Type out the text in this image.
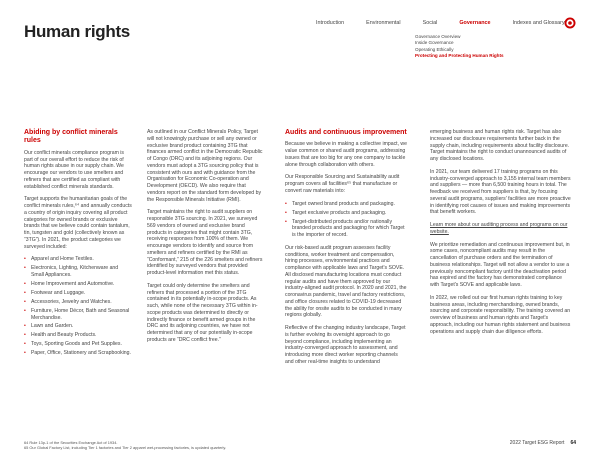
Human rights	Introduction	Environmental	Social	Governance	Indexes and Glossary
Governance Overview
Inside Governance
Operating Ethically
Protecting and Protecting Human Rights
Abiding by conflict minerals rules

Our conflict minerals compliance program is part of our overall effort to reduce the risk of human rights abuse in our supply chain. We encourage our vendors to use smelters and refiners that are certified as compliant with established conflict minerals standards.

Target supports the humanitarian goals of the conflict minerals rules,⁶⁴ and annually conducts a country of origin inquiry covering all product categories for owned brands or exclusive brands that we believe could contain tantalum, tin, tungsten and gold (collectively known as “3TG”). In 2021, the product categories we surveyed included:

• Apparel and Home Textiles.
• Electronics, Lighting, Kitchenware and Small Appliances.
• Home Improvement and Automotive.
• Footwear and Luggage.
• Accessories, Jewelry and Watches.
• Furniture, Home Décor, Bath and Seasonal Merchandise.
• Lawn and Garden.
• Health and Beauty Products.
• Toys, Sporting Goods and Pet Supplies.
• Paper, Office, Stationery and Scrapbooking.

As outlined in our Conflict Minerals Policy, Target will not knowingly purchase or sell any owned or exclusive brand product containing 3TG that finances armed conflict in the Democratic Republic of Congo (DRC) and its adjoining regions. Our vendors must adopt a 3TG sourcing policy that is consistent with ours and with guidance from the Organisation for Economic Co-operation and Development (OECD). We also require that vendors report on the standard form developed by the Responsible Minerals Initiative (RMI).

Target maintains the right to audit suppliers on responsible 3TG sourcing. In 2021, we surveyed 569 vendors of owned and exclusive brand products in categories that might contain 3TG, receiving responses from 100% of them. We encourage vendors to identify and source from smelters and refiners certified by the RMI as “Conformant,” 215 of the 226 smelters and refiners identified by surveyed vendors that provided product-level information met this status.

Target could only determine the smelters and refiners that processed a portion of the 3TG contained in its potentially in-scope products. As such, while none of the necessary 3TG within in-scope products was determined to directly or indirectly finance or benefit armed groups in the DRC and its adjoining countries, we have not determined that any of our potentially in-scope products are “DRC conflict free.”

Audits and continuous improvement

Because we believe in making a collective impact, we value common or shared audit programs, addressing issues that are too big for any one company to tackle alone through collaboration with others.

Our Responsible Sourcing and Sustainability audit program covers all facilities⁶⁵ that manufacture or convert raw materials into:

• Target owned brand products and packaging.
• Target exclusive products and packaging.
• Target-distributed products and/or nationally branded products and packaging for which Target is the importer of record.

Our risk-based audit program assesses facility conditions, worker treatment and compensation, hiring processes, environmental practices and compliance with applicable laws and Target's SOVE. All disclosed manufacturing locations must conduct regular audits and have them approved by our industry-aligned audit protocol. In 2020 and 2021, the coronavirus pandemic, travel and factory restrictions, and office closures related to COVID-19 decreased the ability for onsite audits to be conducted in many regions globally.

Reflective of the changing industry landscape, Target is further evolving its oversight approach to go beyond compliance, including implementing an industry-converged approach to assessment, and introducing more direct worker reporting channels and other real-time insights to understand

emerging business and human rights risk. Target has also increased our disclosure requirements further back in the supply chain, including requirements about facility disclosure. Target maintains the right to conduct unannounced audits of any disclosed locations.

In 2021, our team delivered 17 training programs on this industry-converged approach to 3,155 internal team members and suppliers — more than 6,500 training hours in total. The feedback we received from suppliers is that, by focusing several audit programs, suppliers' facilities are more proactive in identifying root causes of issues and making improvements that benefit workers.

Learn more about our auditing process and programs on our website.

We prioritize remediation and continuous improvement but, in some cases, noncompliant audits may result in the cancellation of purchase orders and the termination of business relationships. Target will not allow a vendor to use a previously noncompliant factory until the deactivation period has expired and the factory has demonstrated compliance with Target's SOVE and applicable laws.

In 2022, we rolled out our first human rights training to key business areas, including merchandising, owned brands, sourcing and corporate responsibility. The training covered an overview of business and human rights and Target's approach, including our human rights statement and business operations and supply chain due diligence efforts.

64 Rule 13p-1 of the Securities Exchange Act of 1934.
65 Our Global Factory List, including Tier 1 factories and Tier 2 apparel wet-processing factories, is updated quarterly.
2022 Target ESG Report 64
